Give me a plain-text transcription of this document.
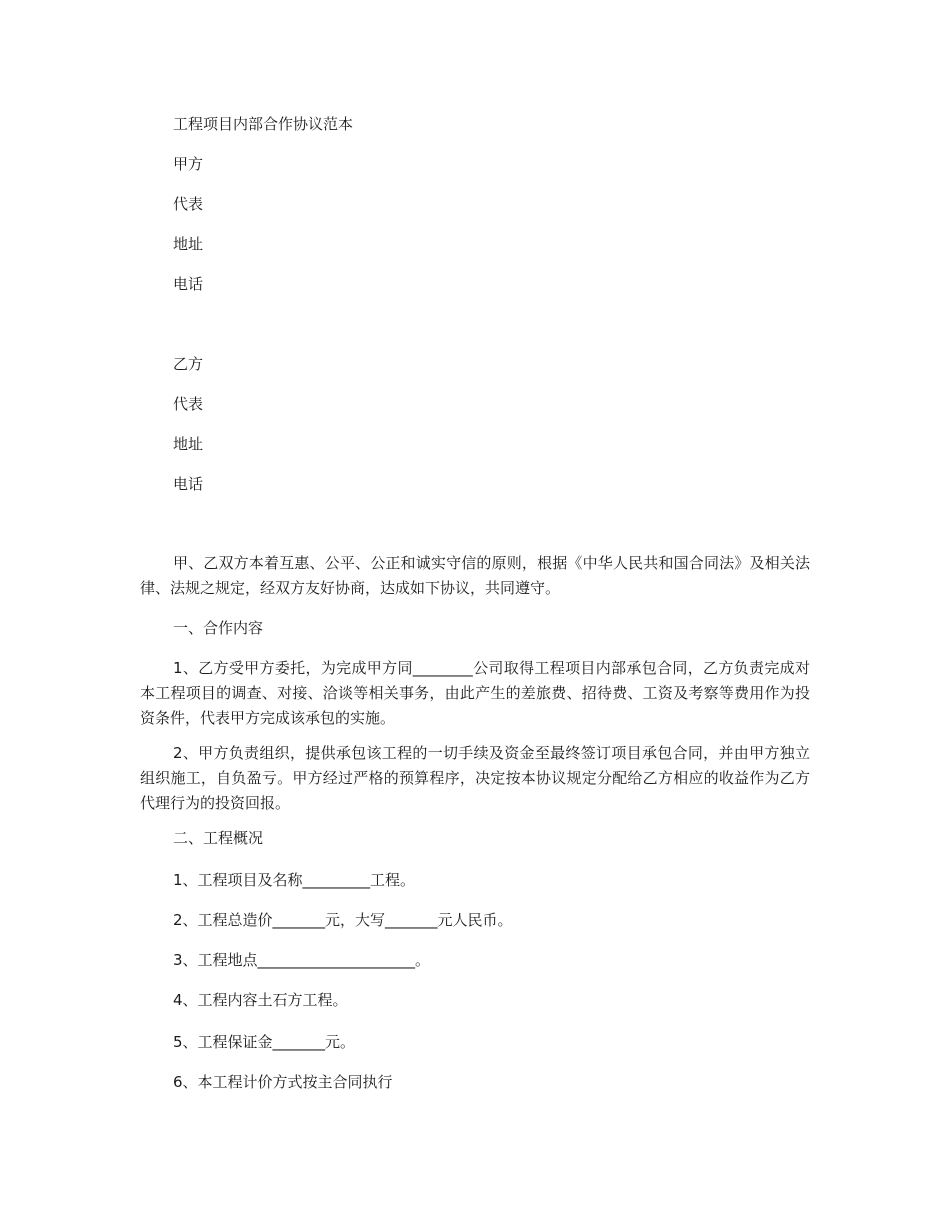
工程项目内部合作协议范本
甲方
代表
地址
电话
乙方
代表
地址
电话

甲、乙双方本着互惠、公平、公正和诚实守信的原则，根据《中华人民共和国合同法》及相关法律、法规之规定，经双方友好协商，达成如下协议，共同遵守。

一、合作内容

1、乙方受甲方委托，为完成甲方同________公司取得工程项目内部承包合同，乙方负责完成对本工程项目的调查、对接、洽谈等相关事务，由此产生的差旅费、招待费、工资及考察等费用作为投资条件，代表甲方完成该承包的实施。

2、甲方负责组织，提供承包该工程的一切手续及资金至最终签订项目承包合同，并由甲方独立组织施工，自负盈亏。甲方经过严格的预算程序，决定按本协议规定分配给乙方相应的收益作为乙方代理行为的投资回报。

二、工程概况
1、工程项目及名称_________工程。
2、工程总造价_______元，大写_______元人民币。
3、工程地点_____________________。
4、工程内容土石方工程。
5、工程保证金_______元。
6、本工程计价方式按主合同执行
